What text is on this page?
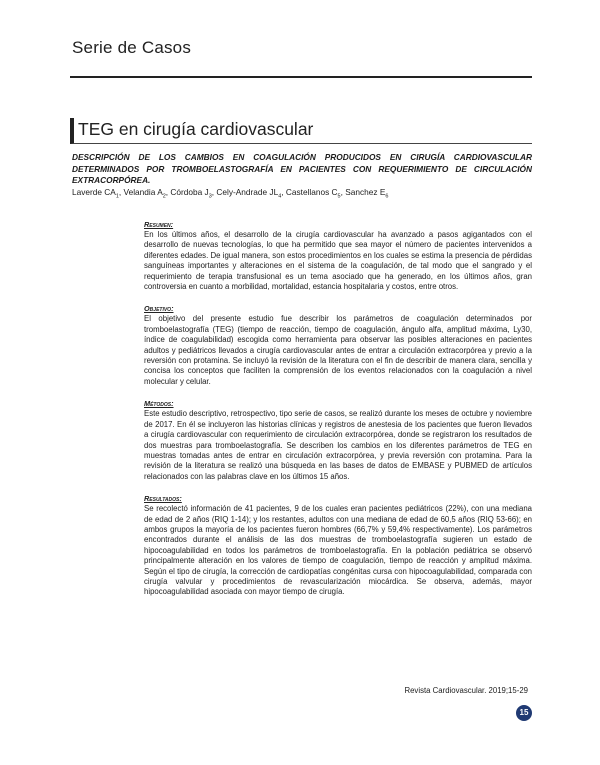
Serie de Casos
TEG en cirugía cardiovascular
DESCRIPCIÓN DE LOS CAMBIOS EN COAGULACIÓN PRODUCIDOS EN CIRUGÍA CARDIOVASCULAR DETERMINADOS POR TROMBOELASTOGRAFÍA EN PACIENTES CON REQUERIMIENTO DE CIRCULACIÓN EXTRACORPÓREA.
Laverde $CA_1$, Velandia $A_2$, Córdoba $J_3$, Cely-Andrade $JL_4$, Castellanos $C_5$, Sanchez $E_6$

Resumen:

En los últimos años, el desarrollo de la cirugía cardiovascular ha avanzado a pasos agigantados con el desarrollo de nuevas tecnologías, lo que ha permitido que sea mayor el número de pacientes intervenidos a diferentes edades. De igual manera, son estos procedimientos en los cuales se estima la presencia de pérdidas sanguíneas importantes y alteraciones en el sistema de la coagulación, de tal modo que el sangrado y el requerimiento de terapia transfusional es un tema asociado que ha generado, en los últimos años, gran controversia en cuanto a morbilidad, mortalidad, estancia hospitalaria y costos, entre otros.

Objetivo:

El objetivo del presente estudio fue describir los parámetros de coagulación determinados por tromboelastografía (TEG) (tiempo de reacción, tiempo de coagulación, ángulo alfa, amplitud máxima, Ly30, índice de coagulabilidad) escogida como herramienta para observar las posibles alteraciones en pacientes adultos y pediátricos llevados a cirugía cardiovascular antes de entrar a circulación extracorpórea y previo a la reversión con protamina. Se incluyó la revisión de la literatura con el fin de describir de manera clara, sencilla y concisa los conceptos que faciliten la comprensión de los eventos relacionados con la coagulación a nivel molecular y celular.

Métodos:

Este estudio descriptivo, retrospectivo, tipo serie de casos, se realizó durante los meses de octubre y noviembre de 2017. En él se incluyeron las historias clínicas y registros de anestesia de los pacientes que fueron llevados a cirugía cardiovascular con requerimiento de circulación extracorpórea, donde se registraron los resultados de dos muestras para tromboelastografía. Se describen los cambios en los diferentes parámetros de TEG en muestras tomadas antes de entrar en circulación extracorpórea, y previa reversión con protamina. Para la revisión de la literatura se realizó una búsqueda en las bases de datos de EMBASE y PUBMED de artículos relacionados con las palabras clave en los últimos 15 años.

Resultados:

Se recolectó información de 41 pacientes, 9 de los cuales eran pacientes pediátricos (22%), con una mediana de edad de 2 años (RIQ 1-14); y los restantes, adultos con una mediana de edad de 60,5 años (RIQ 53-66); en ambos grupos la mayoría de los pacientes fueron hombres (66,7% y 59,4% respectivamente). Los parámetros encontrados durante el análisis de las dos muestras de tromboelastografía sugieren un estado de hipocoagulabilidad en todos los parámetros de tromboelastografía. En la población pediátrica se observó principalmente alteración en los valores de tiempo de coagulación, tiempo de reacción y amplitud máxima. Según el tipo de cirugía, la corrección de cardiopatías congénitas cursa con hipocoagulabilidad, comparada con cirugía valvular y procedimientos de revascularización miocárdica. Se observa, además, mayor hipocoagulabilidad asociada con mayor tiempo de cirugía.

Revista Cardiovascular. 2019;15-29
15
